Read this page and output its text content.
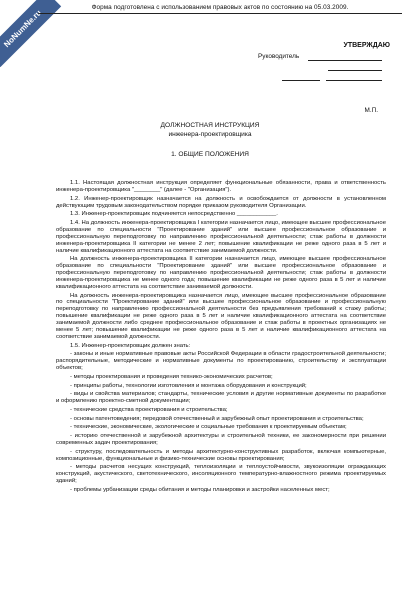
NoNumNe.ru
Форма подготовлена с использованием правовых актов по состоянию на 05.03.2009.
УТВЕРЖДАЮ
Руководитель
М.П.
ДОЛЖНОСТНАЯ ИНСТРУКЦИЯ
инженера-проектировщика
1. ОБЩИЕ ПОЛОЖЕНИЯ

1.1. Настоящая должностная инструкция определяет функциональные обязанности, права и ответственность инженера-проектировщика "________" (далее - "Организация").

1.2. Инженер-проектировщик назначается на должность и освобождается от должности в установленном действующим трудовым законодательством порядке приказом руководителя Организации.

1.3. Инженер-проектировщик подчиняется непосредственно ____________.

1.4. На должность инженера-проектировщика I категории назначается лицо, имеющее высшее профессиональное образование по специальности "Проектирование зданий" или высшее профессиональное образование и профессиональную переподготовку по направлению профессиональной деятельности; стаж работы в должности инженера-проектировщика II категории не менее 2 лет; повышение квалификации не реже одного раза в 5 лет и наличие квалификационного аттестата на соответствие занимаемой должности.

На должность инженера-проектировщика II категории назначается лицо, имеющее высшее профессиональное образование по специальности "Проектирование зданий" или высшее профессиональное образование и профессиональную переподготовку по направлению профессиональной деятельности; стаж работы в должности инженера-проектировщика не менее одного года; повышение квалификации не реже одного раза в 5 лет и наличие квалификационного аттестата на соответствие занимаемой должности.

На должность инженера-проектировщика назначается лицо, имеющее высшее профессиональное образование по специальности "Проектирование зданий" или высшее профессиональное образование и профессиональную переподготовку по направлению профессиональной деятельности без предъявления требований к стажу работы; повышение квалификации не реже одного раза в 5 лет и наличие квалификационного аттестата на соответствие занимаемой должности либо среднее профессиональное образование и стаж работы в проектных организациях не менее 5 лет; повышение квалификации не реже одного раза в 5 лет и наличие квалификационного аттестата на соответствие занимаемой должности.

1.5. Инженер-проектировщик должен знать:

- законы и иные нормативные правовые акты Российской Федерации в области градостроительной деятельности; распорядительные, методические и нормативные документы по проектированию, строительству и эксплуатации объектов;

- методы проектирования и проведения технико-экономических расчетов;

- принципы работы, технологии изготовления и монтажа оборудования и конструкций;

- виды и свойства материалов; стандарты, технические условия и другие нормативные документы по разработке и оформлению проектно-сметной документации;

- технические средства проектирования и строительства;

- основы патентоведения; передовой отечественный и зарубежный опыт проектирования и строительства;

- технические, экономические, экологические и социальные требования к проектируемым объектам;

- историю отечественной и зарубежной архитектуры и строительной техники, ее закономерности при решении современных задач проектирования;

- структуру, последовательность и методы архитектурно-конструктивных разработок, включая компьютерные, композиционные, функциональные и физико-технические основы проектирования;

- методы расчетов несущих конструкций, теплоизоляции и теплоустойчивости, звукоизоляции ограждающих конструкций, акустического, светотехнического, инсоляционного температурно-влажностного режима проектируемых зданий;

- проблемы урбанизации среды обитания и методы планировки и застройки населенных мест;
